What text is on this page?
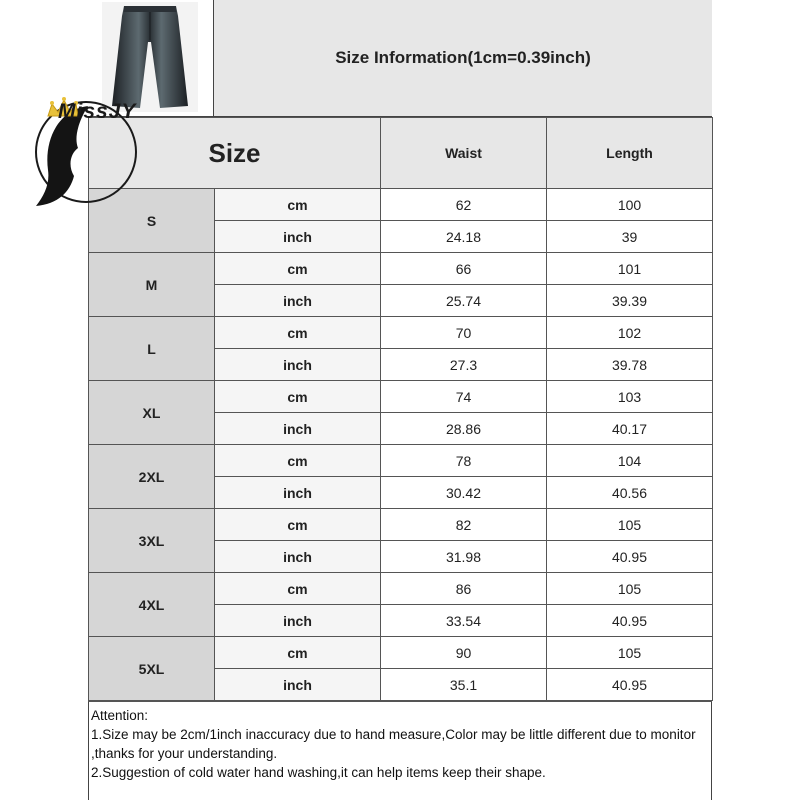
Size Information(1cm=0.39inch)
Size		Waist	Length
S	cm	62	100
	inch	24.18	39
M	cm	66	101
	inch	25.74	39.39
L	cm	70	102
	inch	27.3	39.78
XL	cm	74	103
	inch	28.86	40.17
2XL	cm	78	104
	inch	30.42	40.56
3XL	cm	82	105
	inch	31.98	40.95
4XL	cm	86	105
	inch	33.54	40.95
5XL	cm	90	105
	inch	35.1	40.95

Attention:

1.Size may be 2cm/1inch inaccuracy due to hand measure,Color may be little different due to monitor ,thanks for your understanding.

2.Suggestion of cold water hand washing,it can help items keep their shape.

MissJY
